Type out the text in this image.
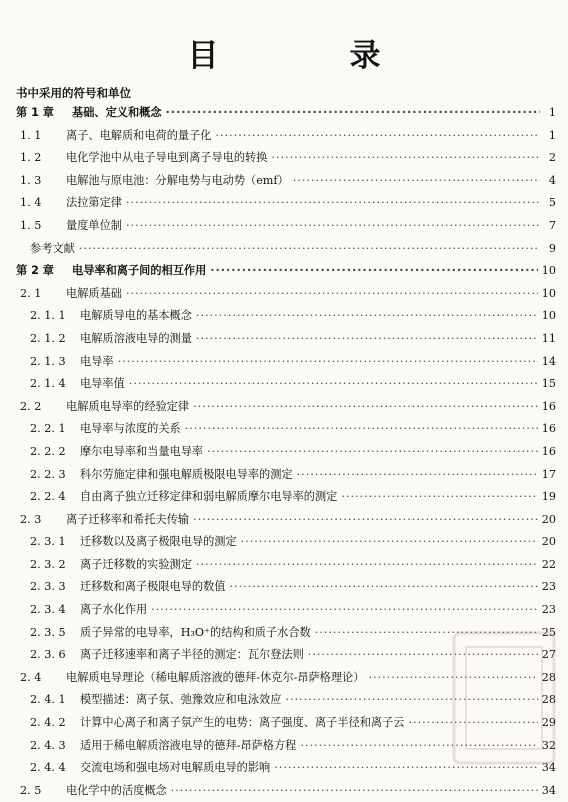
目　录
书中采用的符号和单位
第 1 章	基础、定义和概念 ·····	1
1. 1	离子、电解质和电荷的量子化 ·····	1
1. 2	电化学池中从电子导电到离子导电的转换 ·····	2
1. 3	电解池与原电池：分解电势与电动势（emf） ·····	4
1. 4	法拉第定律 ·····	5
1. 5	量度单位制 ·····	7
参考文献 ·····	9
第 2 章	电导率和离子间的相互作用 ·····	10
2. 1	电解质基础 ·····	10
2. 1. 1	电解质导电的基本概念 ·····	10
2. 1. 2	电解质溶液电导的测量 ·····	11
2. 1. 3	电导率 ·····	14
2. 1. 4	电导率值 ·····	15
2. 2	电解质电导率的经验定律 ·····	16
2. 2. 1	电导率与浓度的关系 ·····	16
2. 2. 2	摩尔电导率和当量电导率 ·····	16
2. 2. 3	科尔劳施定律和强电解质极限电导率的测定 ·····	17
2. 2. 4	自由离子独立迁移定律和弱电解质摩尔电导率的测定 ·····	19
2. 3	离子迁移率和希托夫传输 ·····	20
2. 3. 1	迁移数以及离子极限电导的测定 ·····	20
2. 3. 2	离子迁移数的实验测定 ·····	22
2. 3. 3	迁移数和离子极限电导的数值 ·····	23
2. 3. 4	离子水化作用 ·····	23
2. 3. 5	质子异常的电导率，H₃O⁺的结构和质子水合数 ·····	25
2. 3. 6	离子迁移速率和离子半径的测定：瓦尔登法则 ·····	27
2. 4	电解质电导理论（稀电解质溶液的德拜-休克尔-昂萨格理论） ·····	28
2. 4. 1	模型描述：离子氛、弛豫效应和电泳效应 ·····	28
2. 4. 2	计算中心离子和离子氛产生的电势：离子强度、离子半径和离子云 ·····	29
2. 4. 3	适用于稀电解质溶液电导的德拜-昂萨格方程 ·····	32
2. 4. 4	交流电场和强电场对电解质电导的影响 ·····	34
2. 5	电化学中的活度概念 ·····	34
